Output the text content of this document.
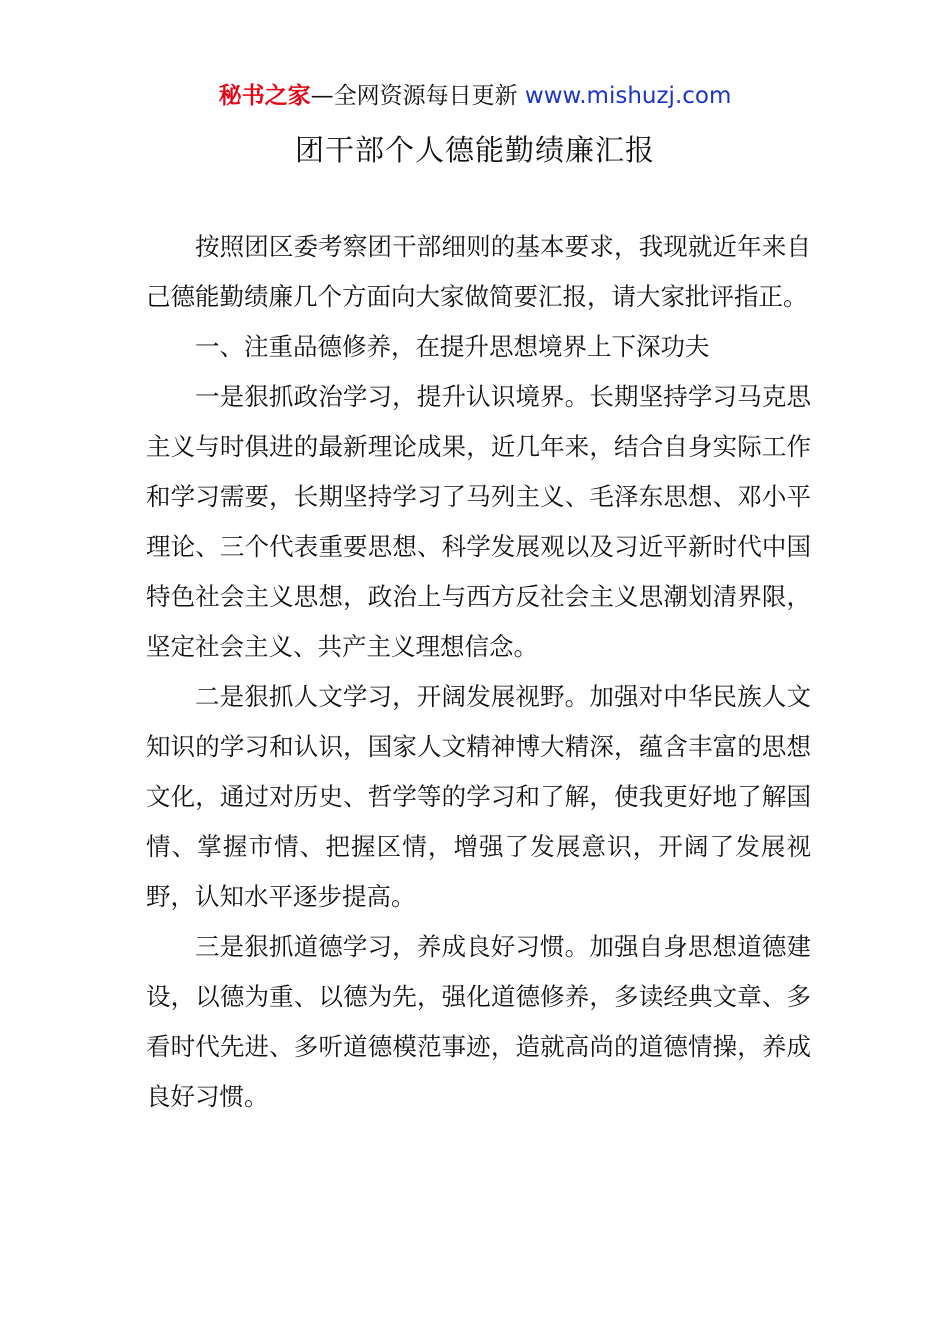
秘书之家—全网资源每日更新 www.mishuzj.com
团干部个人德能勤绩廉汇报

按照团区委考察团干部细则的基本要求，我现就近年来自己德能勤绩廉几个方面向大家做简要汇报，请大家批评指正。

一、注重品德修养，在提升思想境界上下深功夫

一是狠抓政治学习，提升认识境界。长期坚持学习马克思主义与时俱进的最新理论成果，近几年来，结合自身实际工作和学习需要，长期坚持学习了马列主义、毛泽东思想、邓小平理论、三个代表重要思想、科学发展观以及习近平新时代中国特色社会主义思想，政治上与西方反社会主义思潮划清界限，坚定社会主义、共产主义理想信念。

二是狠抓人文学习，开阔发展视野。加强对中华民族人文知识的学习和认识，国家人文精神博大精深，蕴含丰富的思想文化，通过对历史、哲学等的学习和了解，使我更好地了解国情、掌握市情、把握区情，增强了发展意识，开阔了发展视野，认知水平逐步提高。

三是狠抓道德学习，养成良好习惯。加强自身思想道德建设，以德为重、以德为先，强化道德修养，多读经典文章、多看时代先进、多听道德模范事迹，造就高尚的道德情操，养成良好习惯。
